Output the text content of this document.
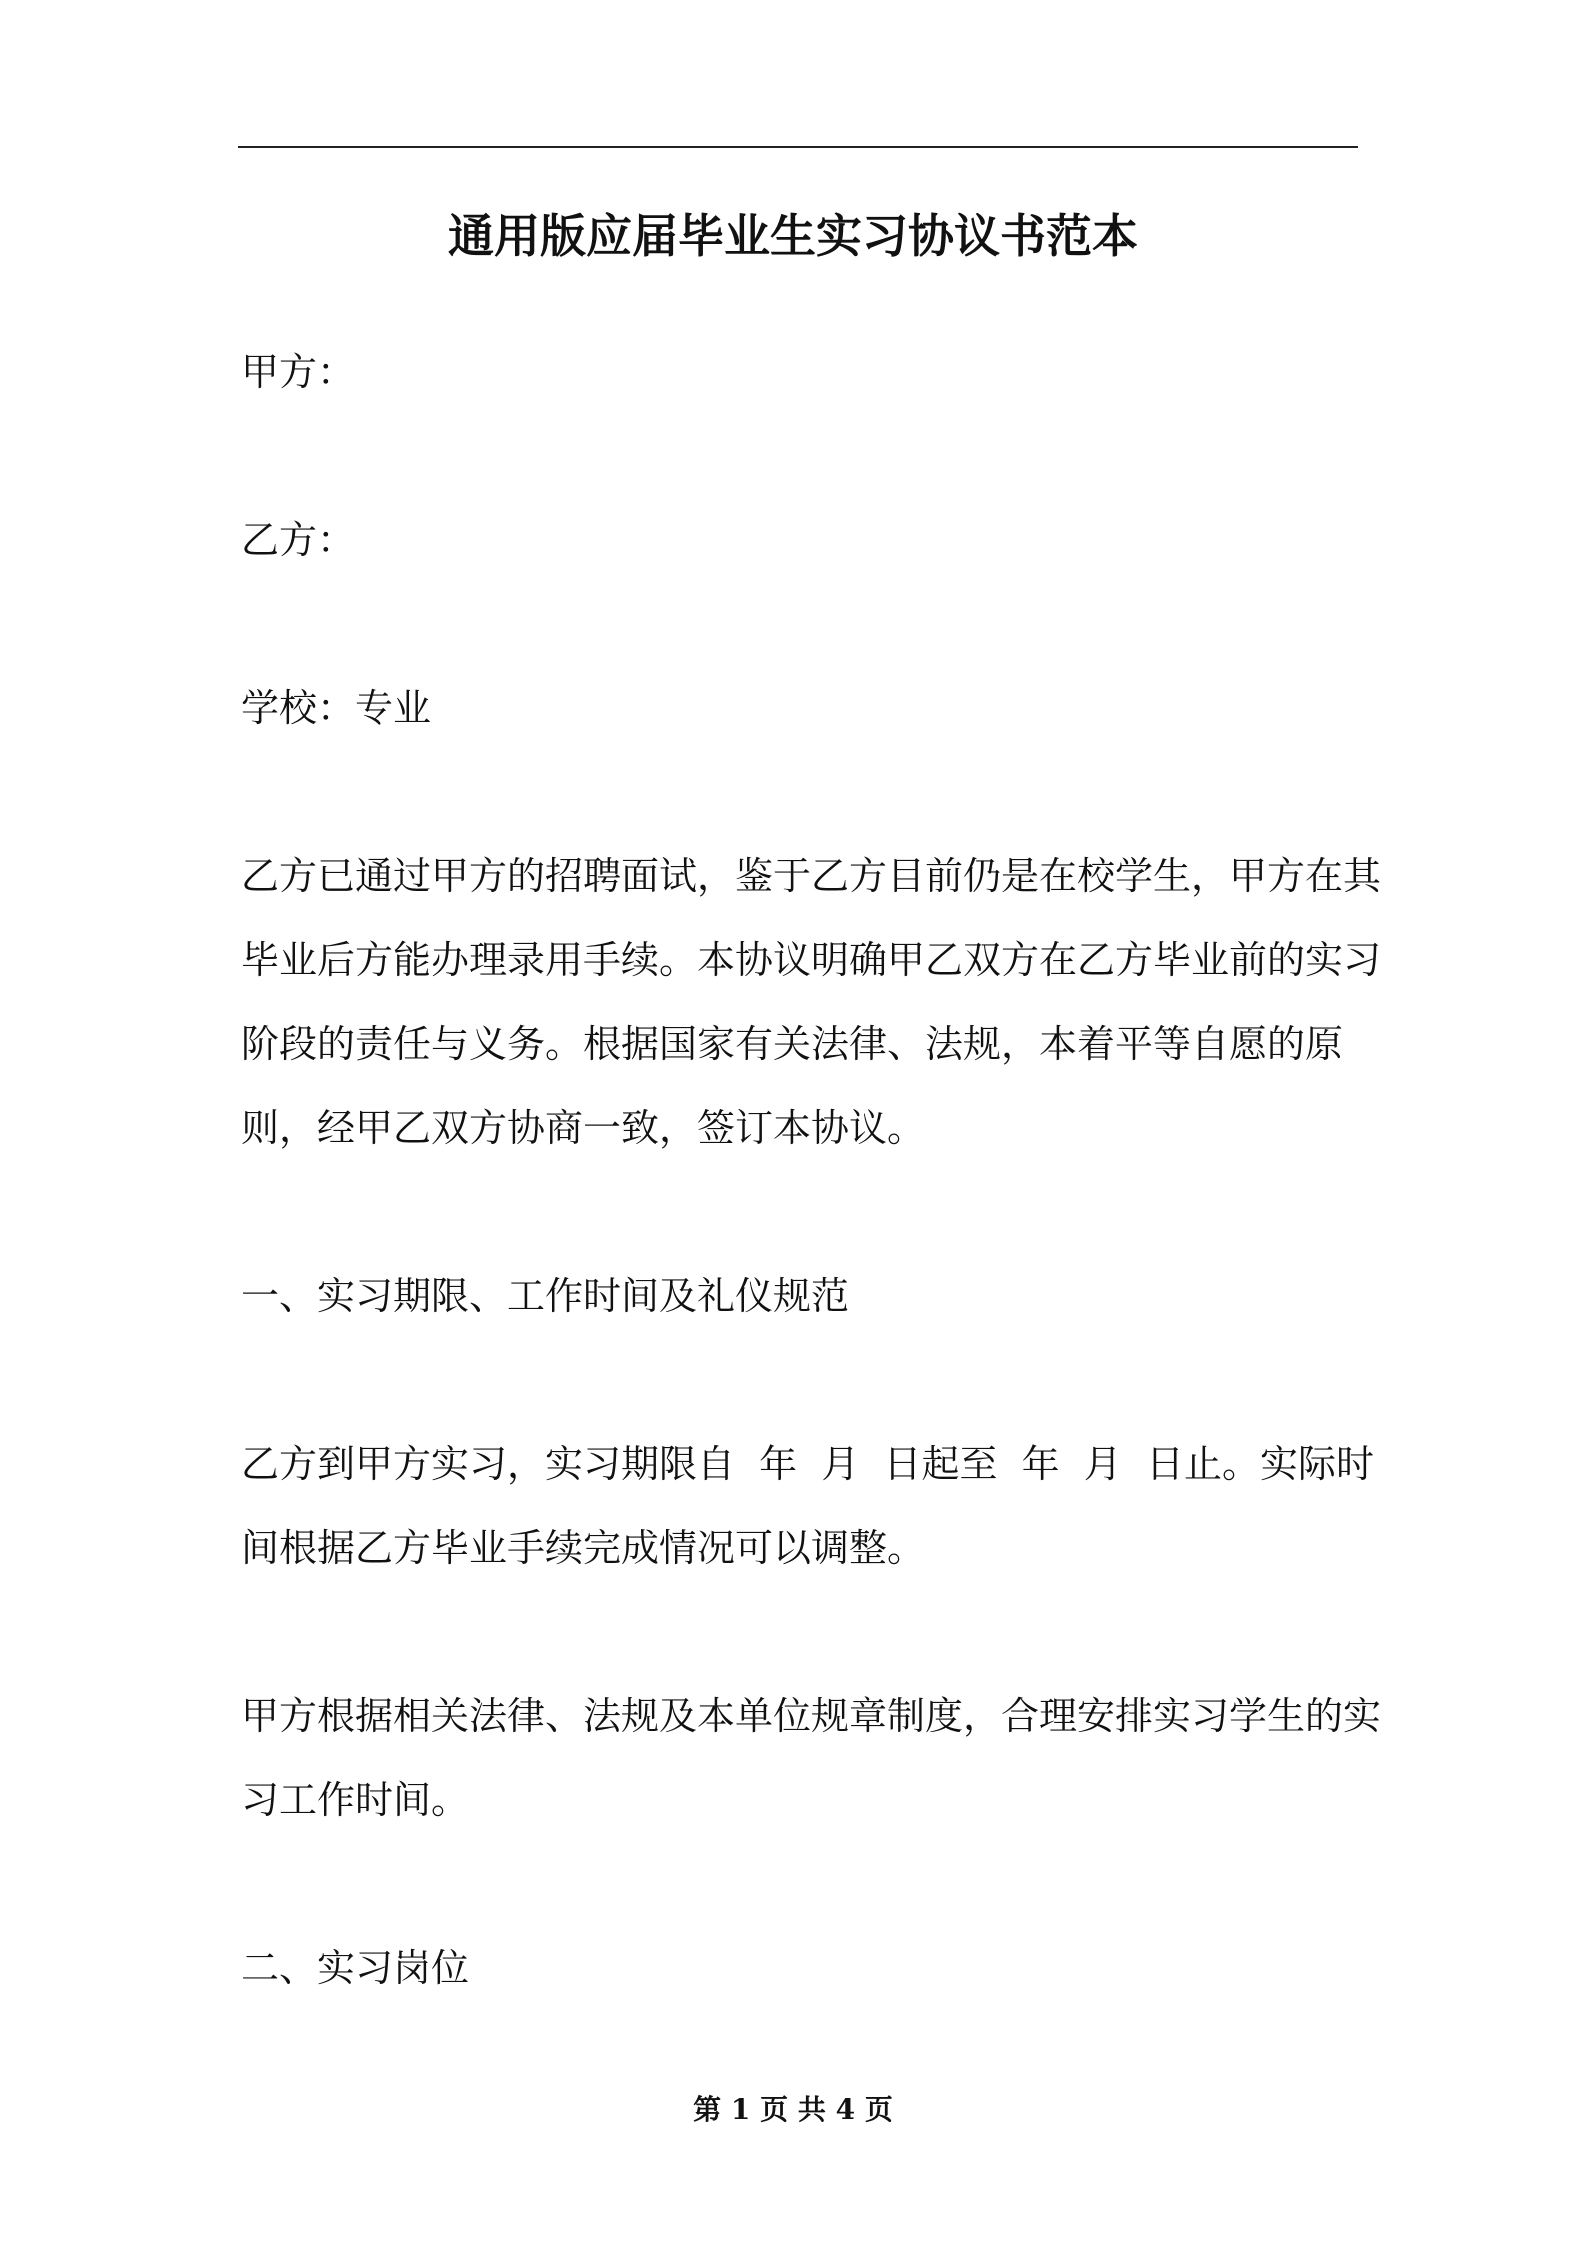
通用版应届毕业生实习协议书范本

甲方：

乙方：

学校：专业

乙方已通过甲方的招聘面试，鉴于乙方目前仍是在校学生，甲方在其毕业后方能办理录用手续。本协议明确甲乙双方在乙方毕业前的实习阶段的责任与义务。根据国家有关法律、法规，本着平等自愿的原则，经甲乙双方协商一致，签订本协议。

一、实习期限、工作时间及礼仪规范

乙方到甲方实习，实习期限自  年  月  日起至  年  月  日止。实际时间根据乙方毕业手续完成情况可以调整。

甲方根据相关法律、法规及本单位规章制度，合理安排实习学生的实习工作时间。

二、实习岗位

第 1 页 共 4 页
